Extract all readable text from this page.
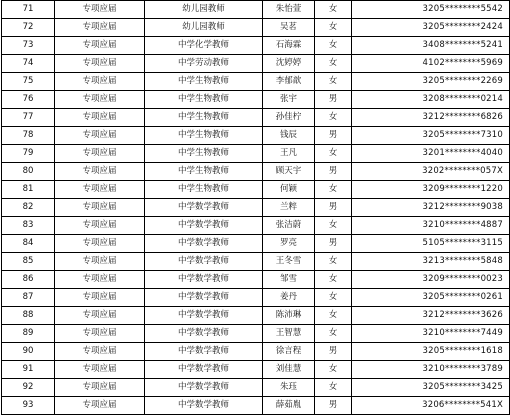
71	专项应届	幼儿园教师	朱怡萱	女	3205********5542
72	专项应届	幼儿园教师	吴茗	女	3205********2424
73	专项应届	中学化学教师	石海霖	女	3408********5241
74	专项应届	中学劳动教师	沈婷婷	女	4102********5969
75	专项应届	中学生物教师	李郁歆	女	3205********2269
76	专项应届	中学生物教师	张宇	男	3208********0214
77	专项应届	中学生物教师	孙佳柠	女	3212********6826
78	专项应届	中学生物教师	钱辰	男	3205********7310
79	专项应届	中学生物教师	王凡	女	3201********4040
80	专项应届	中学生物教师	顾天宇	男	3202********057X
81	专项应届	中学生物教师	何颖	女	3209********1220
82	专项应届	中学数学教师	兰粹	男	3212********9038
83	专项应届	中学数学教师	张洁蔚	女	3210********4887
84	专项应届	中学数学教师	罗亮	男	5105********3115
85	专项应届	中学数学教师	王冬雪	女	3213********5848
86	专项应届	中学数学教师	邹雪	女	3209********0023
87	专项应届	中学数学教师	姜丹	女	3205********0261
88	专项应届	中学数学教师	陈沛琳	女	3212********3626
89	专项应届	中学数学教师	王智慧	女	3210********7449
90	专项应届	中学数学教师	徐言程	男	3205********1618
91	专项应届	中学数学教师	刘佳慧	女	3210********3789
92	专项应届	中学数学教师	朱珏	女	3205********3425
93	专项应届	中学数学教师	薛茹胤	男	3206********541X
